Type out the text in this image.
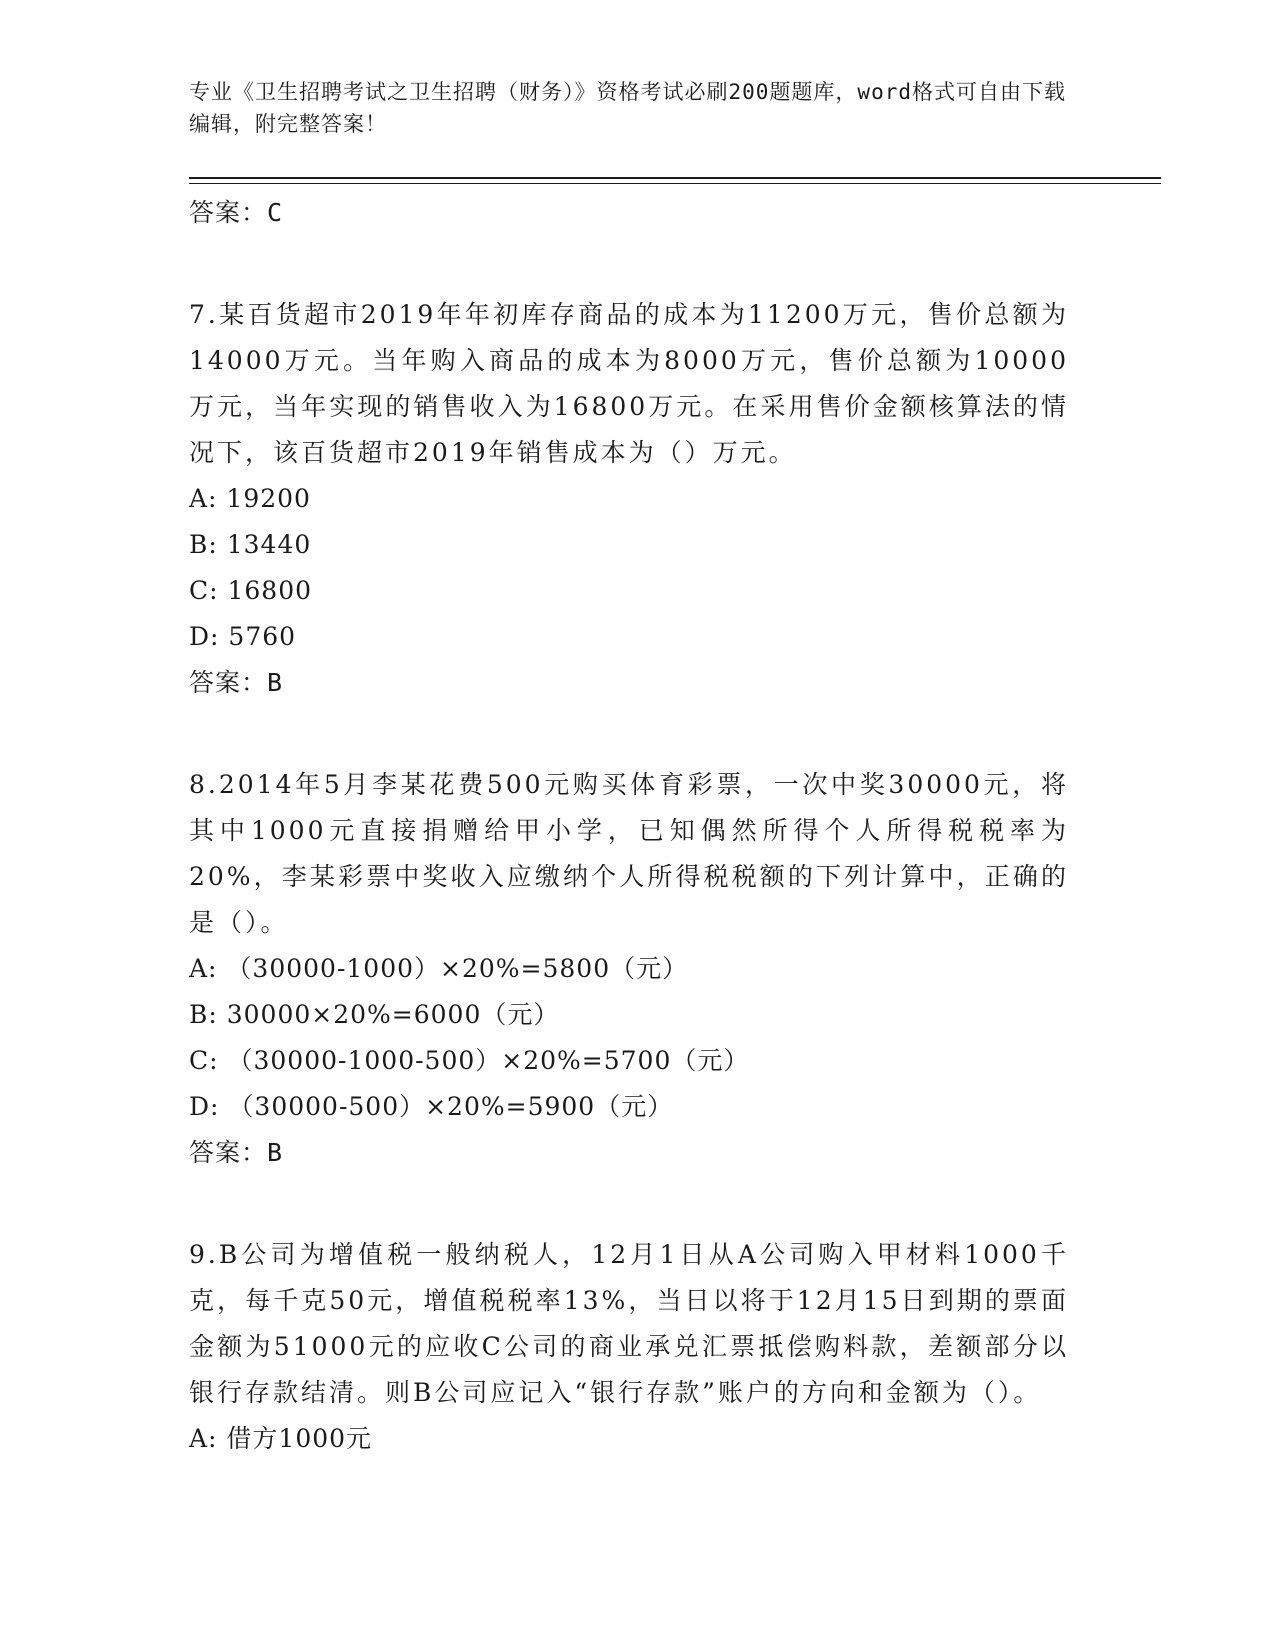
专业《卫生招聘考试之卫生招聘（财务）》资格考试必刷200题题库，word格式可自由下载编辑，附完整答案！
答案：C
7.某百货超市2019年年初库存商品的成本为11200万元，售价总额为14000万元。当年购入商品的成本为8000万元，售价总额为10000万元，当年实现的销售收入为16800万元。在采用售价金额核算法的情况下，该百货超市2019年销售成本为（）万元。
A: 19200
B: 13440
C: 16800
D: 5760
答案：B
8.2014年5月李某花费500元购买体育彩票，一次中奖30000元，将其中1000元直接捐赠给甲小学，已知偶然所得个人所得税税率为20%，李某彩票中奖收入应缴纳个人所得税税额的下列计算中，正确的是（）。
A: （30000-1000）×20%=5800（元）
B: 30000×20%=6000（元）
C: （30000-1000-500）×20%=5700（元）
D: （30000-500）×20%=5900（元）
答案：B
9.B公司为增值税一般纳税人，12月1日从A公司购入甲材料1000千克，每千克50元，增值税税率13%，当日以将于12月15日到期的票面金额为51000元的应收C公司的商业承兑汇票抵偿购料款，差额部分以银行存款结清。则B公司应记入“银行存款”账户的方向和金额为（）。
A: 借方1000元
